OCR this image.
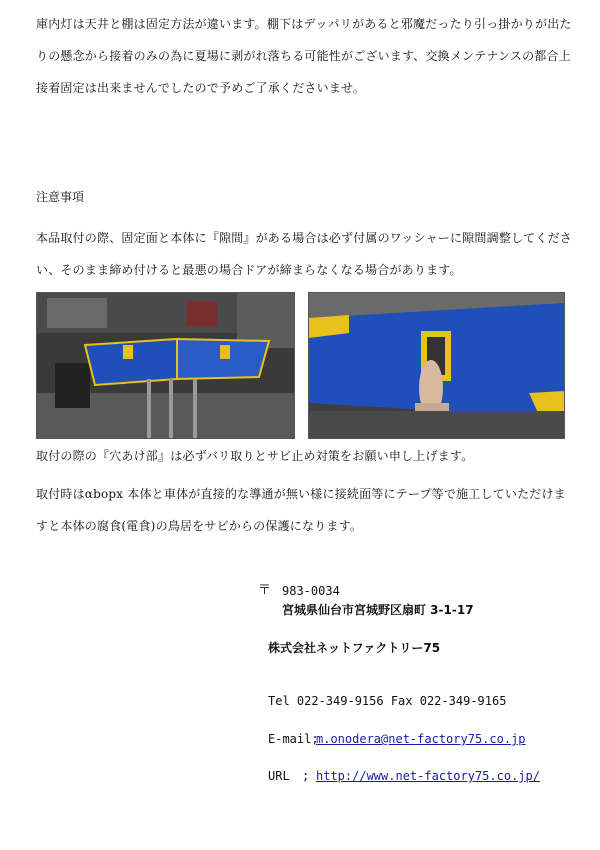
庫内灯は天井と棚は固定方法が違います。棚下はデッパリがあると邪魔だったり引っ掛かりが出たりの懸念から接着のみの為に夏場に剥がれ落ちる可能性がございます、交換メンテナンスの都合上接着固定は出来ませんでしたので予めご了承くださいませ。
注意事項
本品取付の際、固定面と本体に『隙間』がある場合は必ず付属のワッシャーに隙間調整してください、そのまま締め付けると最悪の場合ドアが締まらなくなる場合があります。
取付の際の『穴あけ部』は必ずバリ取りとサビ止め対策をお願い申し上げます。
取付時はαbopx 本体と車体が直接的な導通が無い様に接続面等にテープ等で施工していただけますと本体の腐食(電食)の鳥居をサビからの保護になります。
〒 983-0034
宮城県仙台市宮城野区扇町 3-1-17
株式会社ネットファクトリー75
Tel 022-349-9156 Fax 022-349-9165
E-mail;
m.onodera@net-factory75.co.jp
URL ; http://www.net-factory75.co.jp/
